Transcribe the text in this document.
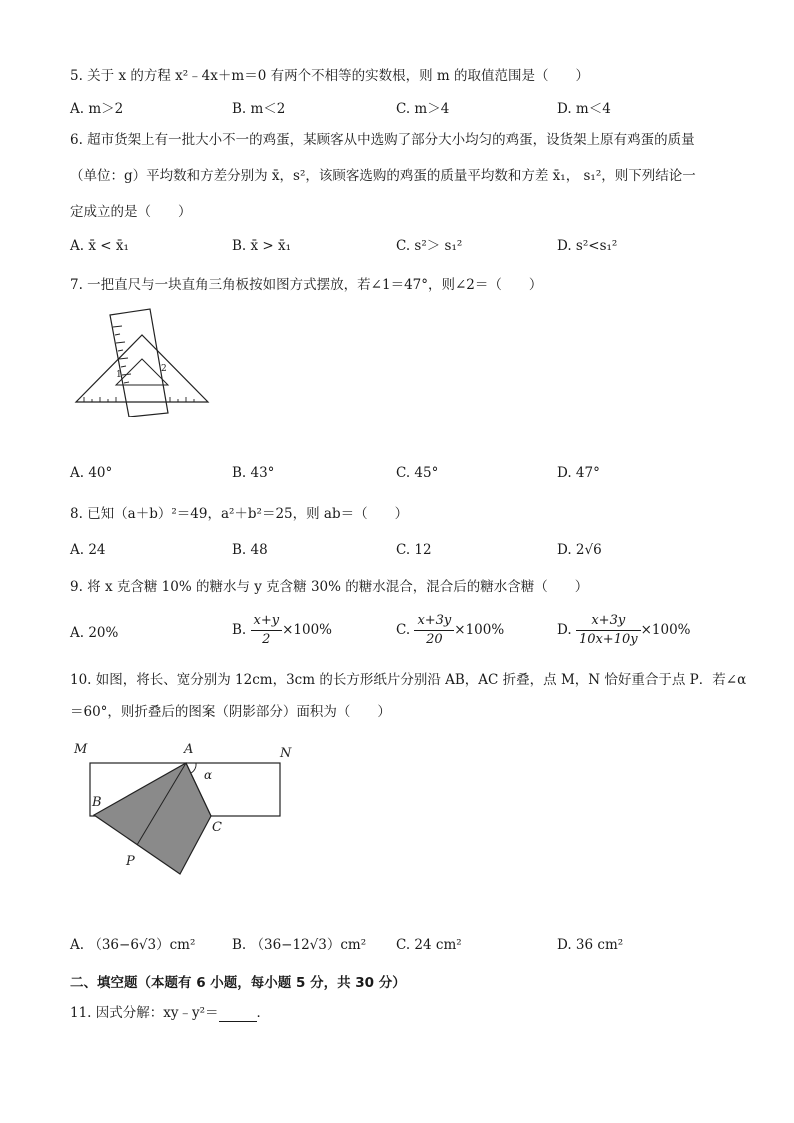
5. 关于 x 的方程 x²﹣4x＋m＝0 有两个不相等的实数根，则 m 的取值范围是（　　）
A. m＞2	B. m＜2	C. m＞4	D. m＜4
6. 超市货架上有一批大小不一的鸡蛋，某顾客从中选购了部分大小均匀的鸡蛋，设货架上原有鸡蛋的质量
（单位：g）平均数和方差分别为 x̄，s²，该顾客选购的鸡蛋的质量平均数和方差 x̄₁， s₁²，则下列结论一
定成立的是（　　）
A. x̄ < x̄₁	B. x̄ > x̄₁	C. s²＞ s₁²	D. s²<s₁²
7. 一把直尺与一块直角三角板按如图方式摆放，若∠1＝47°，则∠2＝（　　）
1
2
A. 40°	B. 43°	C. 45°	D. 47°
8. 已知（a＋b）²＝49，a²＋b²＝25，则 ab＝（　　）
A. 24	B. 48	C. 12	D. 2√6
9. 将 x 克含糖 10% 的糖水与 y 克含糖 30% 的糖水混合，混合后的糖水含糖（　　）
A. 20%	B. $\frac{x+y}{2} \times 100\%$	C. $\frac{x+3y}{20} \times 100\%$	D. $\frac{x+3y}{10x+10y} \times 100\%$
10. 如图，将长、宽分别为 12cm，3cm 的长方形纸片分别沿 AB，AC 折叠，点 M，N 恰好重合于点 P．若∠α
＝60°，则折叠后的图案（阴影部分）面积为（　　）
M	A	N
α
B
C
P
A. （36−6√3）cm²	B. （36−12√3）cm² C. 24 cm²	D. 36 cm²
二、填空题（本题有 6 小题，每小题 5 分，共 30 分）
11. 因式分解：xy﹣y²＝	．
